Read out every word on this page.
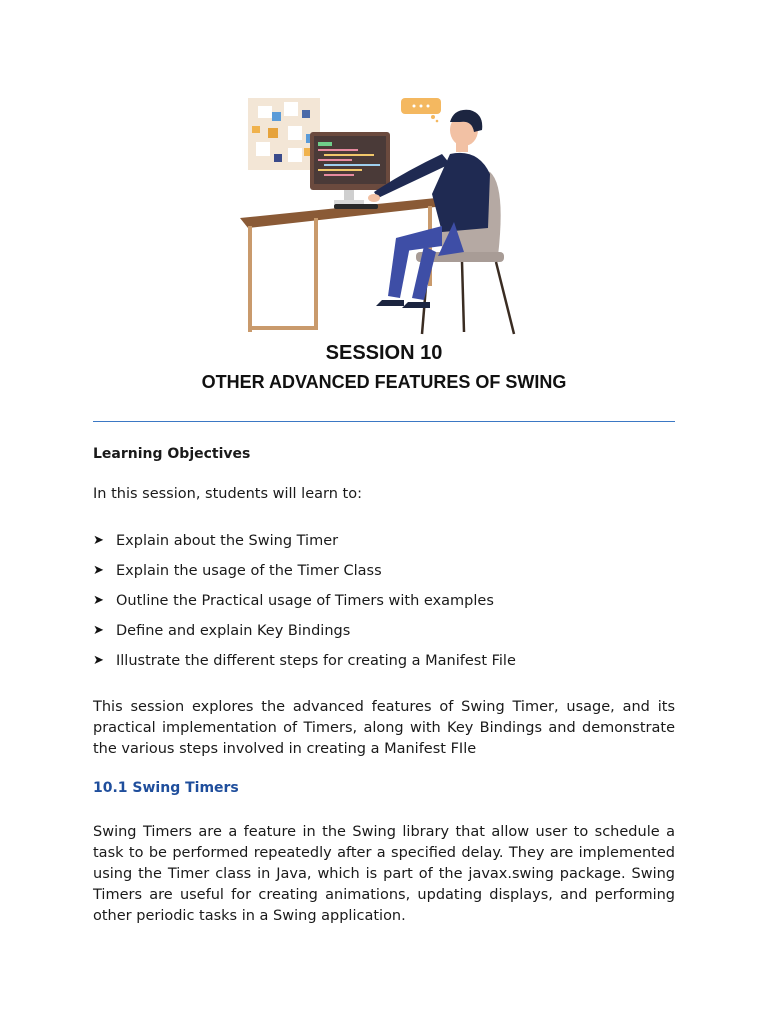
SESSION 10
OTHER ADVANCED FEATURES OF SWING
Learning Objectives

In this session, students will learn to:

➤ Explain about the Swing Timer
➤ Explain the usage of the Timer Class
➤ Outline the Practical usage of Timers with examples
➤ Define and explain Key Bindings
➤ Illustrate the different steps for creating a Manifest File

This session explores the advanced features of Swing Timer, usage, and its practical implementation of Timers, along with Key Bindings and demonstrate the various steps involved in creating a Manifest FIle

10.1 Swing Timers

Swing Timers are a feature in the Swing library that allow user to schedule a task to be performed repeatedly after a specified delay. They are implemented using the Timer class in Java, which is part of the javax.swing package. Swing Timers are useful for creating animations, updating displays, and performing other periodic tasks in a Swing application.
